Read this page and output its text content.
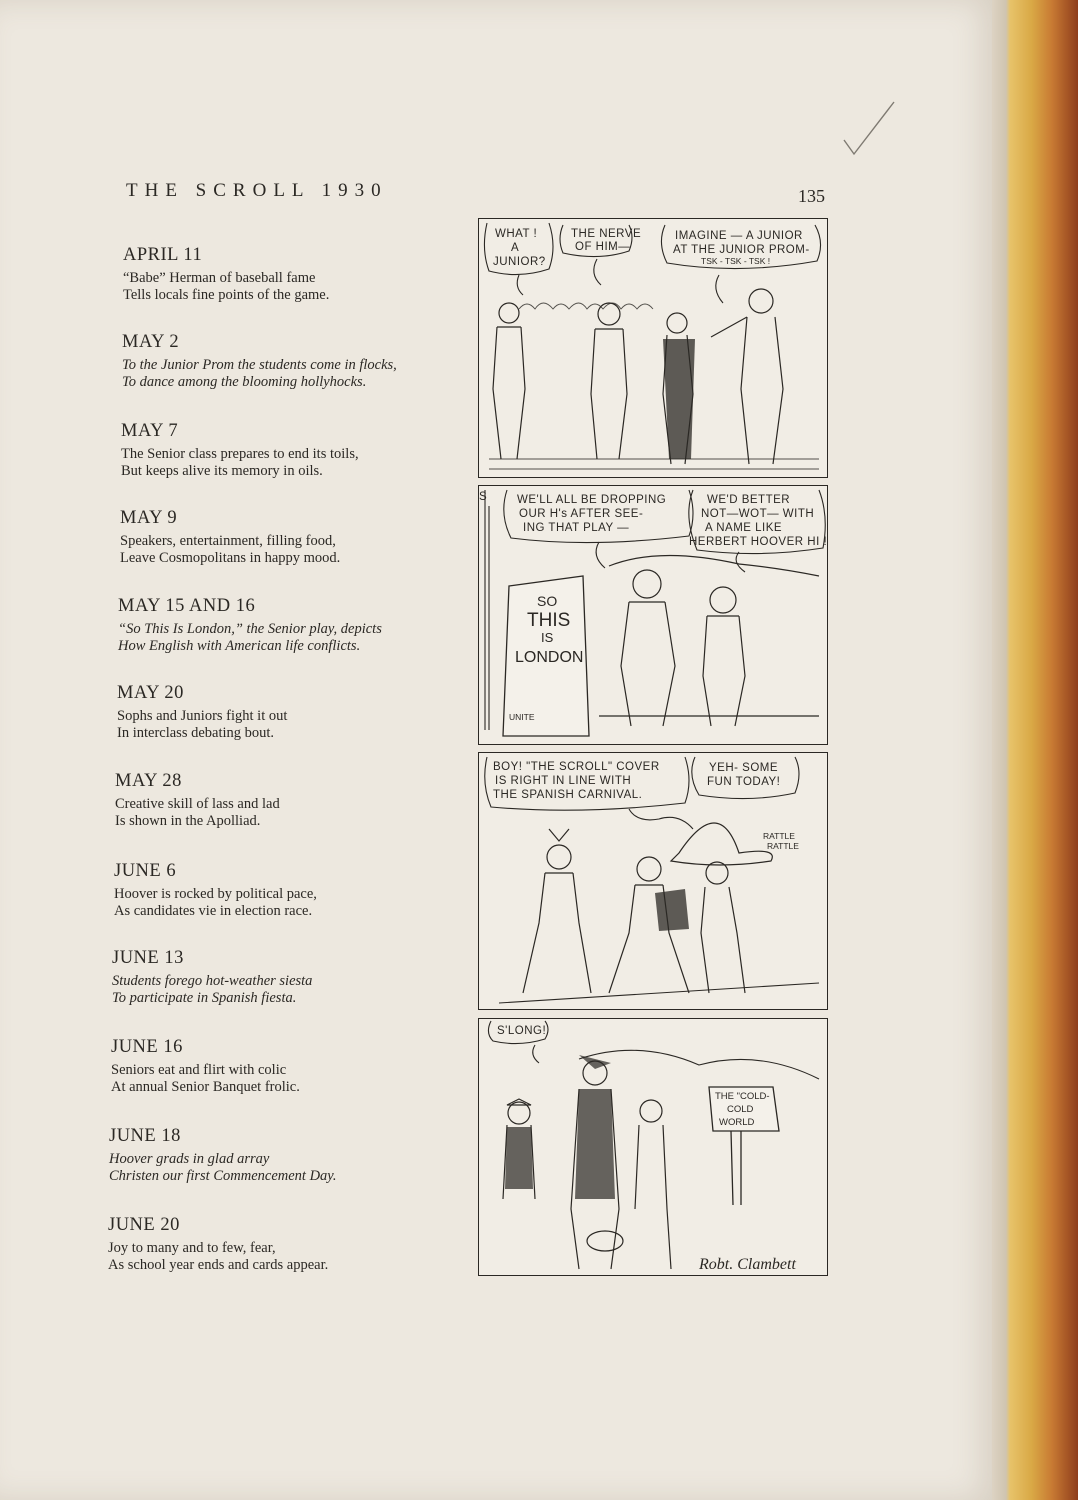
THE SCROLL 1930	135
APRIL 11
“Babe” Herman of baseball fame
Tells locals fine points of the game.
MAY 2
To the Junior Prom the students come in flocks,
To dance among the blooming hollyhocks.
MAY 7
The Senior class prepares to end its toils,
But keeps alive its memory in oils.
MAY 9
Speakers, entertainment, filling food,
Leave Cosmopolitans in happy mood.
MAY 15 AND 16
“So This Is London,” the Senior play, depicts
How English with American life conflicts.
MAY 20
Sophs and Juniors fight it out
In interclass debating bout.
MAY 28
Creative skill of lass and lad
Is shown in the Apolliad.
JUNE 6
Hoover is rocked by political pace,
As candidates vie in election race.
JUNE 13
Students forego hot-weather siesta
To participate in Spanish fiesta.
JUNE 16
Seniors eat and flirt with colic
At annual Senior Banquet frolic.
JUNE 18
Hoover grads in glad array
Christen our first Commencement Day.
JUNE 20
Joy to many and to few, fear,
As school year ends and cards appear.
WHAT !
A
JUNIOR?
THE NERVE
OF HIM—
IMAGINE — A JUNIOR
AT THE JUNIOR PROM-
TSK - TSK - TSK !
S	WE'LL ALL BE DROPPING
OUR H's AFTER SEE-
ING THAT PLAY —
WE'D BETTER
NOT—WOT— WITH
A NAME LIKE
HERBERT HOOVER HI !
SO
THIS
IS
LONDON
UNITE
BOY! "THE SCROLL" COVER
IS RIGHT IN LINE WITH
THE SPANISH CARNIVAL.
YEH- SOME
FUN TODAY!
RATTLE
RATTLE
S'LONG!
THE "COLD-
COLD
WORLD
Robt. Clambett
